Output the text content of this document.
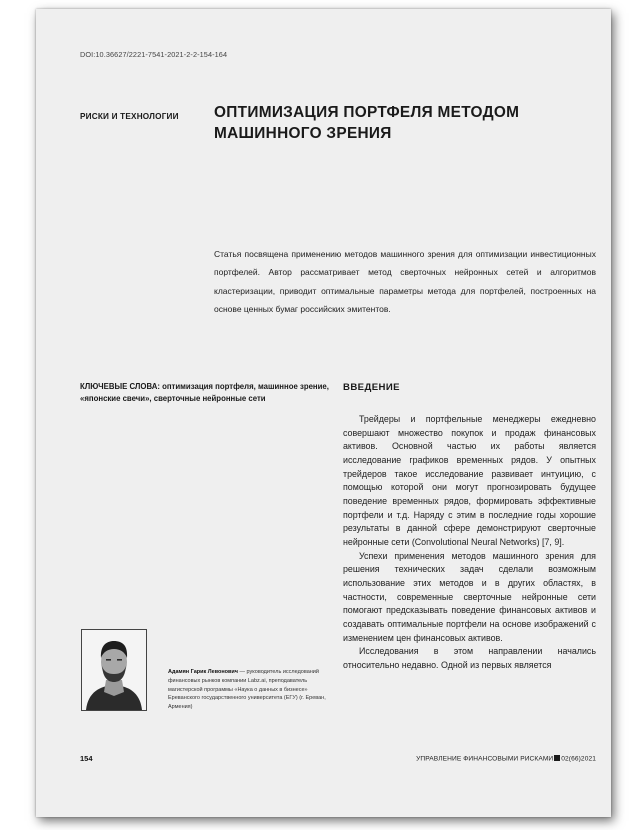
DOI:10.36627/2221-7541-2021-2-2-154-164
РИСКИ И ТЕХНОЛОГИИ ОПТИМИЗАЦИЯ ПОРТФЕЛЯ МЕТОДОМ
МАШИННОГО ЗРЕНИЯ
Статья посвящена применению методов машинного зрения для оптимизации инвестиционных портфелей. Автор рассматривает метод сверточных нейронных сетей и алгоритмов кластеризации, приводит оптимальные параметры метода для портфелей, построенных на основе ценных бумаг российских эмитентов.
КЛЮЧЕВЫЕ СЛОВА: оптимизация портфеля, машинное зрение, «японские свечи», сверточные нейронные сети
ВВЕДЕНИЕ

Трейдеры и портфельные менеджеры ежедневно совершают множество покупок и продаж финансовых активов. Основной частью их работы является исследование графиков временных рядов. У опытных трейдеров такое исследование развивает интуицию, с помощью которой они могут прогнозировать будущее поведение временных рядов, формировать эффективные портфели и т.д. Наряду с этим в последние годы хорошие результаты в данной сфере демонстрируют сверточные нейронные сети (Convolutional Neural Networks) [7, 9].

Успехи применения методов машинного зрения для решения технических задач сделали возможным использование этих методов и в других областях, в частности, современные сверточные нейронные сети помогают предсказывать поведение финансовых активов и создавать оптимальные портфели на основе изображений с изменением цен финансовых активов.

Исследования в этом направлении начались относительно недавно. Одной из первых является

Адамян Гарик Левонович — руководитель исследований финансовых рынков компании Labz.ai, преподаватель магистерской программы «Наука о данных в бизнесе» Ереванского государственного университета (ЕГУ) (г. Ереван, Армения)
154	УПРАВЛЕНИЕ ФИНАНСОВЫМИ РИСКАМИ 02(66)2021
